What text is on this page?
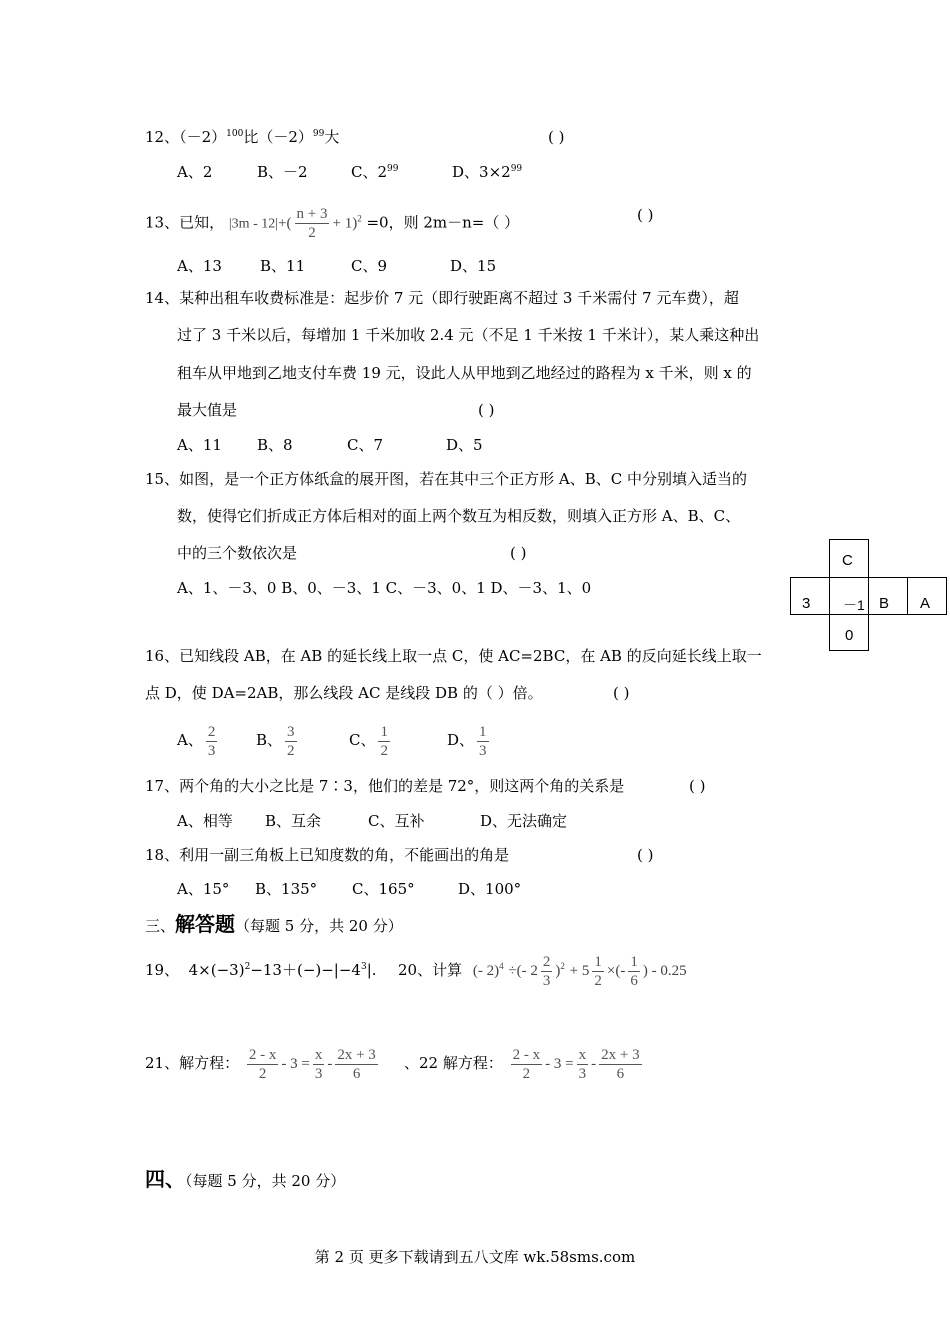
12、$(-2)^{100}$比$(-2)^{99}$大	( )
A、2	B、－2	C、$2^{99}$	D、$3\times 2^{99}$
13、已知， $|3m - 12|+( \frac{n + 3}{2} + 1)^2 =0$，则 2m－n=（ ）	( )
A、13	B、11	C、9	D、15
14、某种出租车收费标准是：起步价 7 元（即行驶距离不超过 3 千米需付 7 元车费），超
过了 3 千米以后，每增加 1 千米加收 2.4 元（不足 1 千米按 1 千米计），某人乘这种出
租车从甲地到乙地支付车费 19 元，设此人从甲地到乙地经过的路程为 x 千米，则 x 的
最大值是	( )
A、11 B、8	C、7	D、5
15、如图，是一个正方体纸盒的展开图，若在其中三个正方形 A、B、C 中分别填入适当的
数，使得它们折成正方体后相对的面上两个数互为相反数，则填入正方形 A、B、C、
中的三个数依次是	( )
A、1、－3、0 B、0、－3、1 C、－3、0、1 D、－3、1、0
C
3 －1 B A
0
16、已知线段 AB，在 AB 的延长线上取一点 C，使 AC=2BC，在 AB 的反向延长线上取一
点 D，使 DA=2AB，那么线段 AC 是线段 DB 的（ ）倍。	( )
A、 $\frac{2}{3}$	B、 $\frac{3}{2}$	C、 $\frac{1}{2}$	D、 $\frac{1}{3}$
17、两个角的大小之比是 7∶3，他们的差是 72°，则这两个角的关系是	( )
A、相等 B、互余	C、互补	D、无法确定
18、利用一副三角板上已知度数的角，不能画出的角是	( )
A、15° B、135° C、165°	D、100°
三、解答题（每题 5 分，共 20 分）
19、 $4\times(-3)^2-13+(-)-|-4^3|$. 20、计算 (- 2)$^4$ ÷(- $2 \frac{2}{3} )^2 + 5 \frac{1}{2}$ ×(- $\frac{1}{6}$ ) - 0.25
21、解方程： $\frac{2 - x}{2} - 3 = \frac{x}{3} - \frac{2x + 3}{6}$ 、22 解方程： $\frac{2 - x}{2} - 3 = \frac{x}{3} - \frac{2x + 3}{6}$
四、（每题 5 分，共 20 分）
第 2 页 更多下载请到五八文库 wk.58sms.com
